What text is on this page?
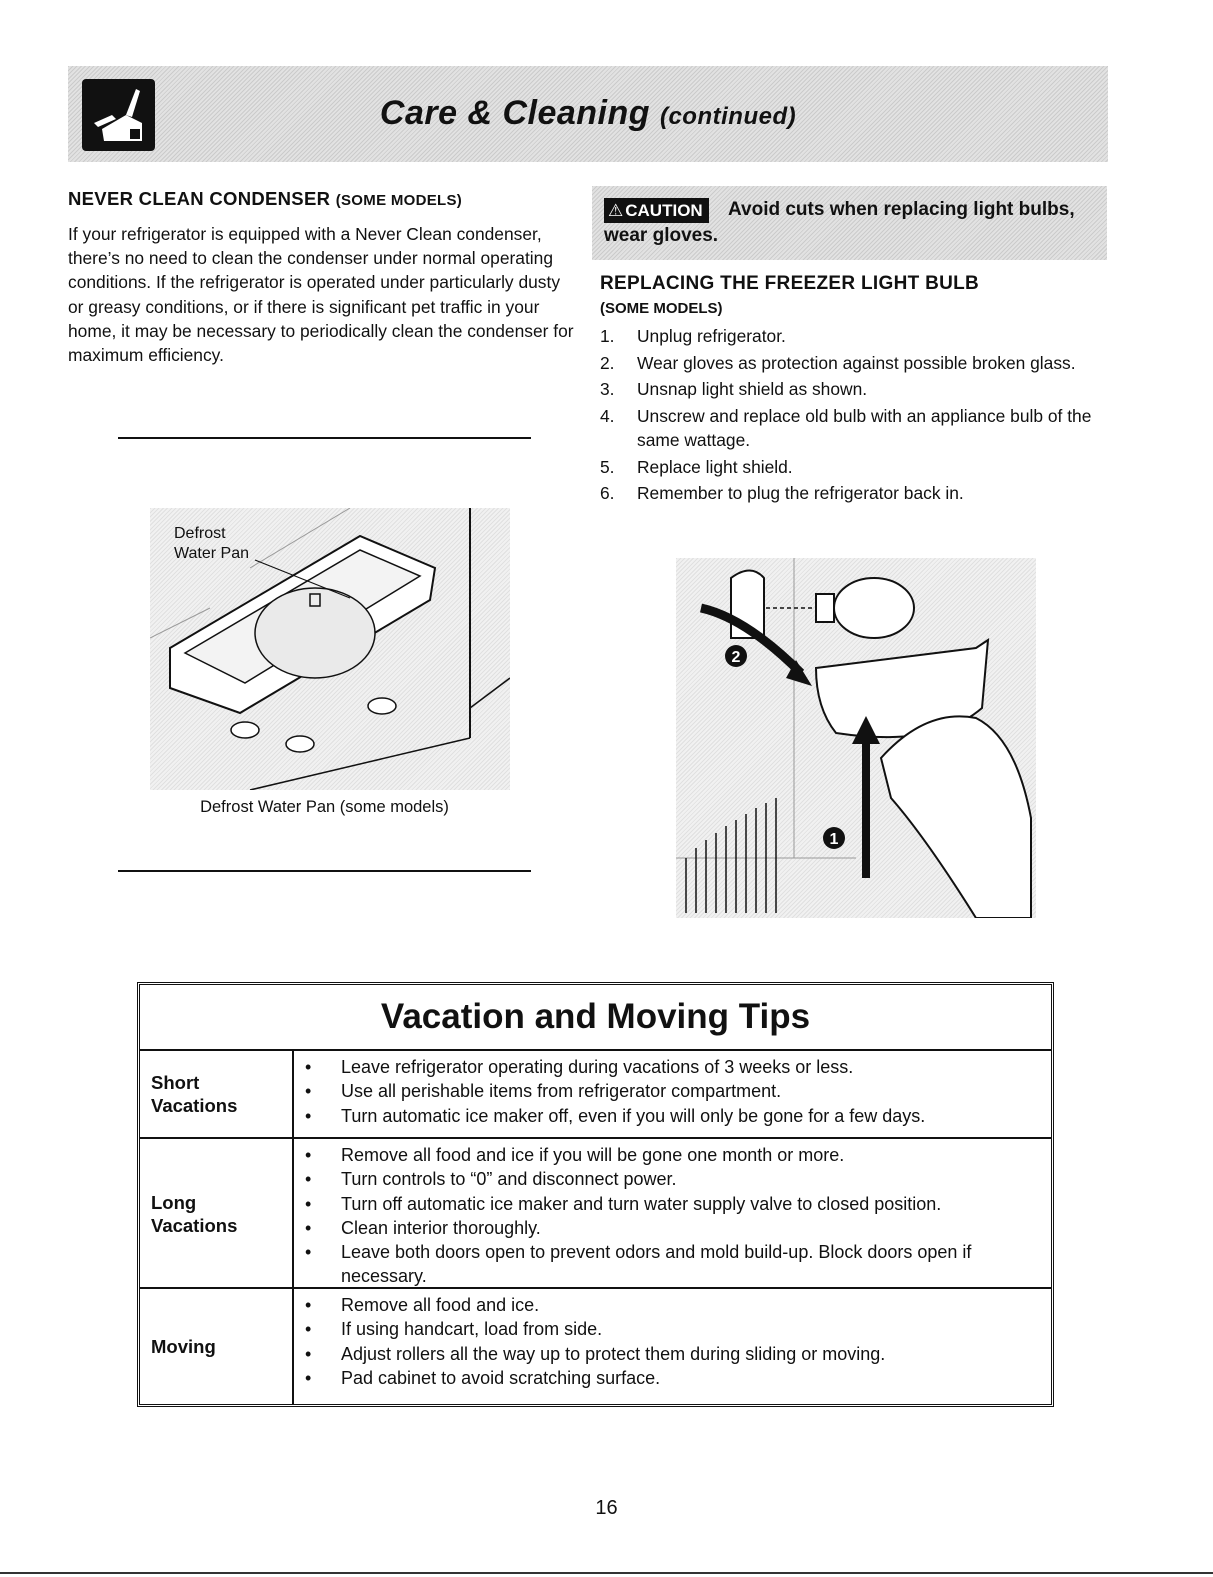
Care & Cleaning (continued)
NEVER CLEAN CONDENSER (SOME MODELS)
If your refrigerator is equipped with a Never Clean condenser, there’s no need to clean the condenser under normal operating conditions. If the refrigerator is operated under particularly dusty or greasy conditions, or if there is significant pet traffic in your home, it may be necessary to periodically clean the condenser for maximum efficiency.
Defrost
Water Pan
Defrost Water Pan (some models)
⚠ CAUTION	Avoid cuts when replacing light bulbs,
wear gloves.
REPLACING THE FREEZER LIGHT BULB
(SOME MODELS)
1. Unplug refrigerator.
2. Wear gloves as protection against possible broken glass.
3. Unsnap light shield as shown.
4. Unscrew and replace old bulb with an appliance bulb of the same wattage.
5. Replace light shield.
6. Remember to plug the refrigerator back in.
2
1
Vacation and Moving Tips
Short
Vacations
• Leave refrigerator operating during vacations of 3 weeks or less.
• Use all perishable items from refrigerator compartment.
• Turn automatic ice maker off, even if you will only be gone for a few days.
Long
Vacations
• Remove all food and ice if you will be gone one month or more.
• Turn controls to “0” and disconnect power.
• Turn off automatic ice maker and turn water supply valve to closed position.
• Clean interior thoroughly.
• Leave both doors open to prevent odors and mold build-up. Block doors open if necessary.
Moving
• Remove all food and ice.
• If using handcart, load from side.
• Adjust rollers all the way up to protect them during sliding or moving.
• Pad cabinet to avoid scratching surface.
16
